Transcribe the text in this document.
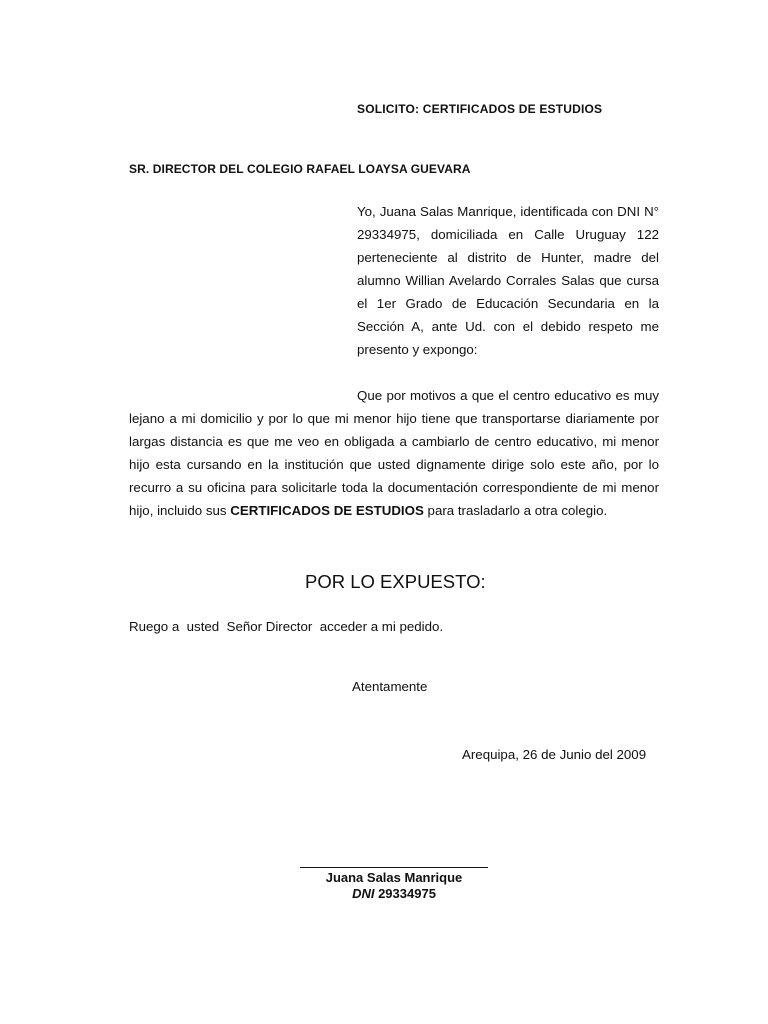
SOLICITO: CERTIFICADOS DE ESTUDIOS
SR. DIRECTOR DEL COLEGIO RAFAEL LOAYSA GUEVARA

Yo, Juana Salas Manrique, identificada con DNI N° 29334975, domiciliada en Calle Uruguay 122 perteneciente al distrito de Hunter, madre del alumno Willian Avelardo Corrales Salas que cursa el 1er Grado de Educación Secundaria en la Sección A, ante Ud. con el debido respeto me presento y expongo:

Que por motivos a que el centro educativo es muy lejano a mi domicilio y por lo que mi menor hijo tiene que transportarse diariamente por largas distancia es que me veo en obligada a cambiarlo de centro educativo, mi menor hijo esta cursando en la institución que usted dignamente dirige solo este año, por lo recurro a su oficina para solicitarle toda la documentación correspondiente de mi menor hijo, incluido sus CERTIFICADOS DE ESTUDIOS para trasladarlo a otra colegio.

POR LO EXPUESTO:
Ruego a  usted  Señor Director  acceder a mi pedido.
Atentamente
Arequipa, 26 de Junio del 2009
Juana Salas Manrique
DNI 29334975
